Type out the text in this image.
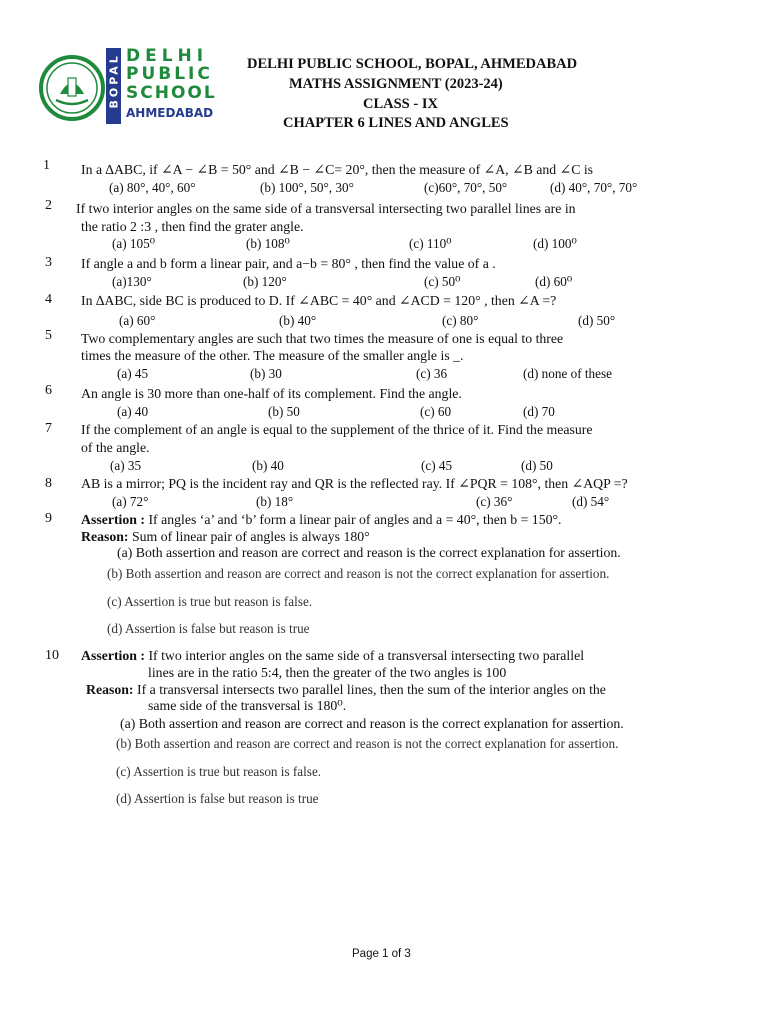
BOPAL DELHI
PUBLIC
SCHOOL
AHMEDABAD
DELHI PUBLIC SCHOOL, BOPAL, AHMEDABAD
MATHS ASSIGNMENT (2023-24)
CLASS - IX
CHAPTER 6 LINES AND ANGLES
1 In a ∆ABC, if ∠A − ∠B = 50° and ∠B − ∠C= 20°, then the measure of ∠A, ∠B and ∠C is
(a) 80°, 40°, 60°	(b) 100°, 50°, 30°	(c)60°, 70°, 50°	(d) 40°, 70°, 70°
2 If two interior angles on the same side of a transversal intersecting two parallel lines are in
the ratio 2 :3 , then find the grater angle.
(a) 105⁰	(b) 108⁰	(c) 110⁰	(d) 100⁰
3 If angle a and b form a linear pair, and a−b = 80° , then find the value of a .
(a)130°	(b) 120°	(c) 50⁰	(d) 60⁰
4 In ∆ABC, side BC is produced to D. If ∠ABC = 40° and ∠ACD = 120° , then ∠A =?
(a) 60°	(b) 40°	(c) 80°	(d) 50°
5 Two complementary angles are such that two times the measure of one is equal to three
times the measure of the other. The measure of the smaller angle is _.
(a) 45	(b) 30	(c) 36	(d) none of these
6 An angle is 30 more than one-half of its complement. Find the angle.
(a) 40	(b) 50	(c) 60	(d) 70
7 If the complement of an angle is equal to the supplement of the thrice of it. Find the measure
of the angle.
(a) 35	(b) 40	(c) 45	(d) 50
8 AB is a mirror; PQ is the incident ray and QR is the reflected ray. If ∠PQR = 108°, then ∠AQP =?
(a) 72°	(b) 18°	(c) 36°	(d) 54°
9 Assertion : If angles ‘a’ and ‘b’ form a linear pair of angles and a = 40°, then b = 150°.
Reason: Sum of linear pair of angles is always 180°
(a) Both assertion and reason are correct and reason is the correct explanation for assertion.
(b) Both assertion and reason are correct and reason is not the correct explanation for assertion.
(c) Assertion is true but reason is false.
(d) Assertion is false but reason is true
10 Assertion : If two interior angles on the same side of a transversal intersecting two parallel
lines are in the ratio 5:4, then the greater of the two angles is 100
Reason: If a transversal intersects two parallel lines, then the sum of the interior angles on the
same side of the transversal is 180⁰.
(a) Both assertion and reason are correct and reason is the correct explanation for assertion.
(b) Both assertion and reason are correct and reason is not the correct explanation for assertion.
(c) Assertion is true but reason is false.
(d) Assertion is false but reason is true
Page 1 of 3
